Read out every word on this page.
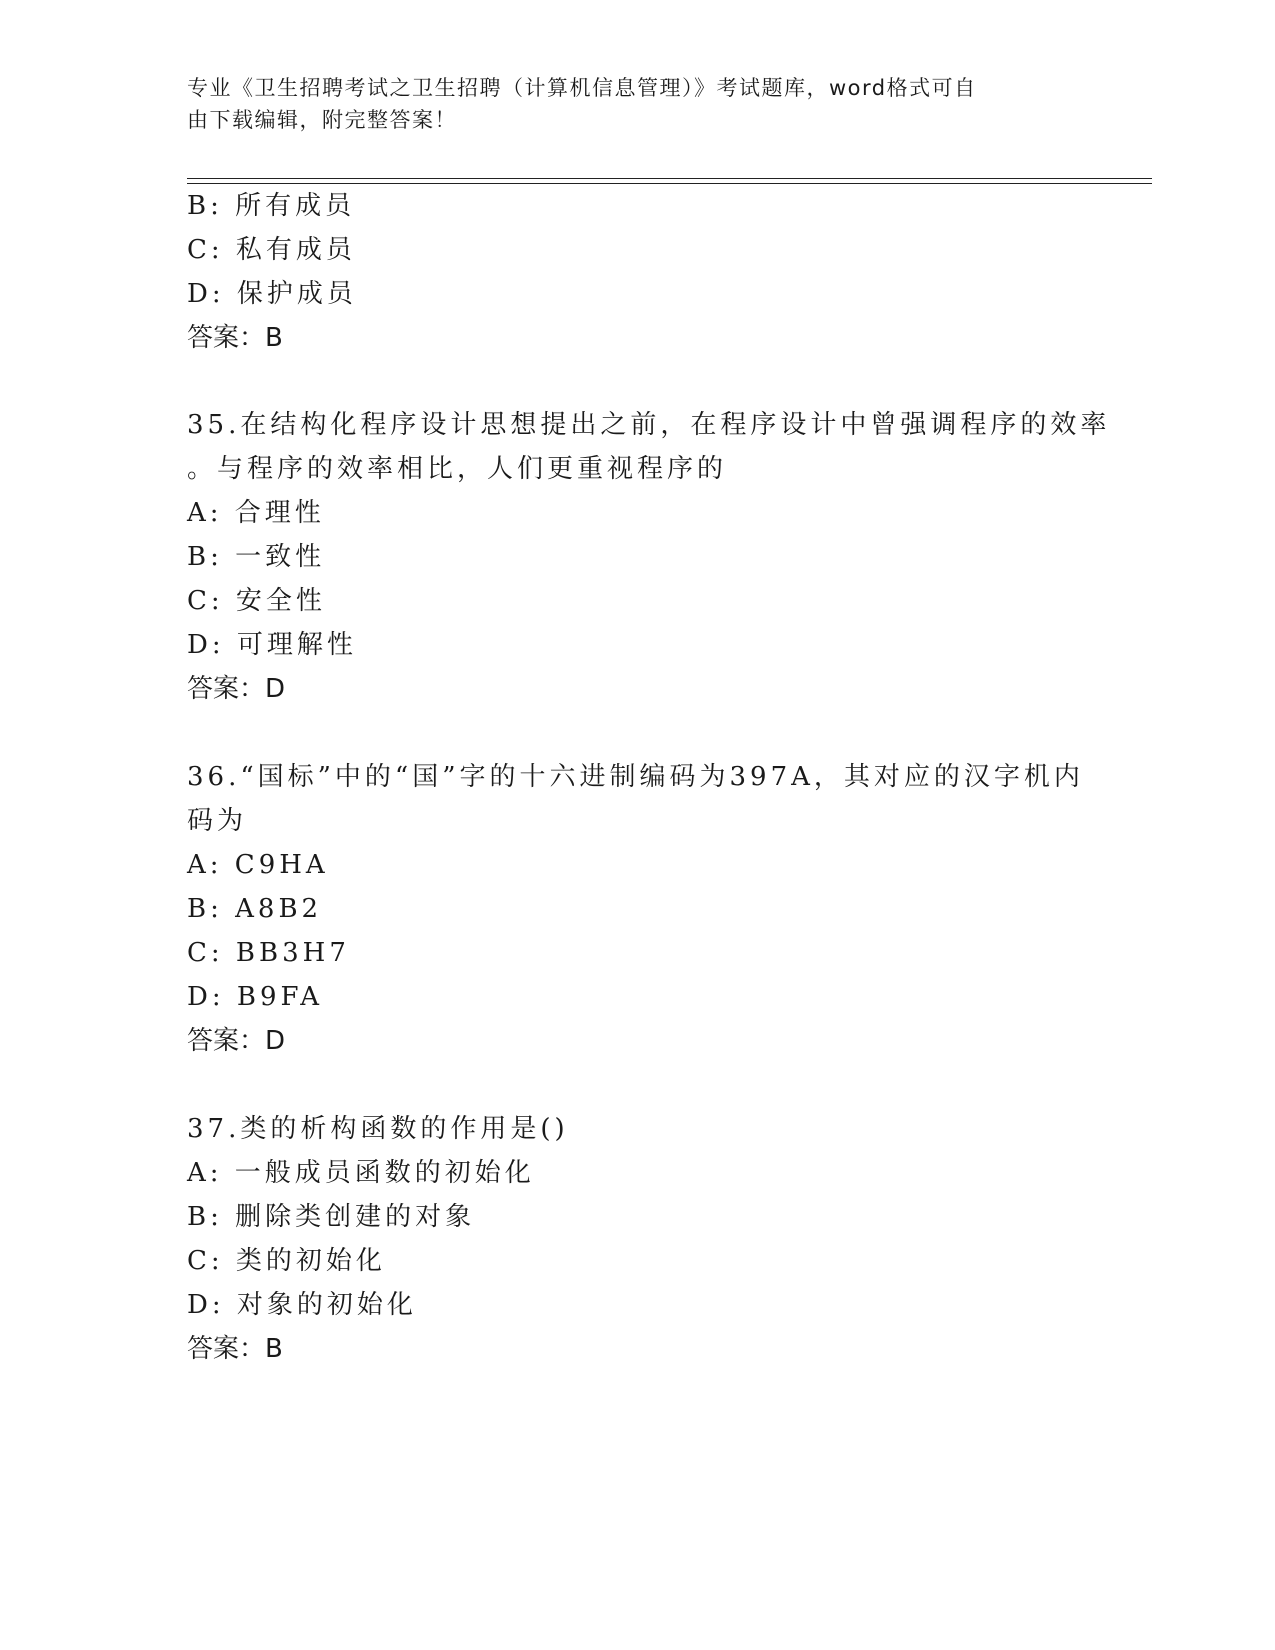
专业《卫生招聘考试之卫生招聘（计算机信息管理）》考试题库，word格式可自
由下载编辑，附完整答案！
B: 所有成员
C: 私有成员
D: 保护成员
答案：B
35.在结构化程序设计思想提出之前，在程序设计中曾强调程序的效率
。与程序的效率相比，人们更重视程序的
A: 合理性
B: 一致性
C: 安全性
D: 可理解性
答案：D
36.“国标”中的“国”字的十六进制编码为397A，其对应的汉字机内
码为
A: C9HA
B: A8B2
C: BB3H7
D: B9FA
答案：D
37.类的析构函数的作用是()
A: 一般成员函数的初始化
B: 删除类创建的对象
C: 类的初始化
D: 对象的初始化
答案：B
